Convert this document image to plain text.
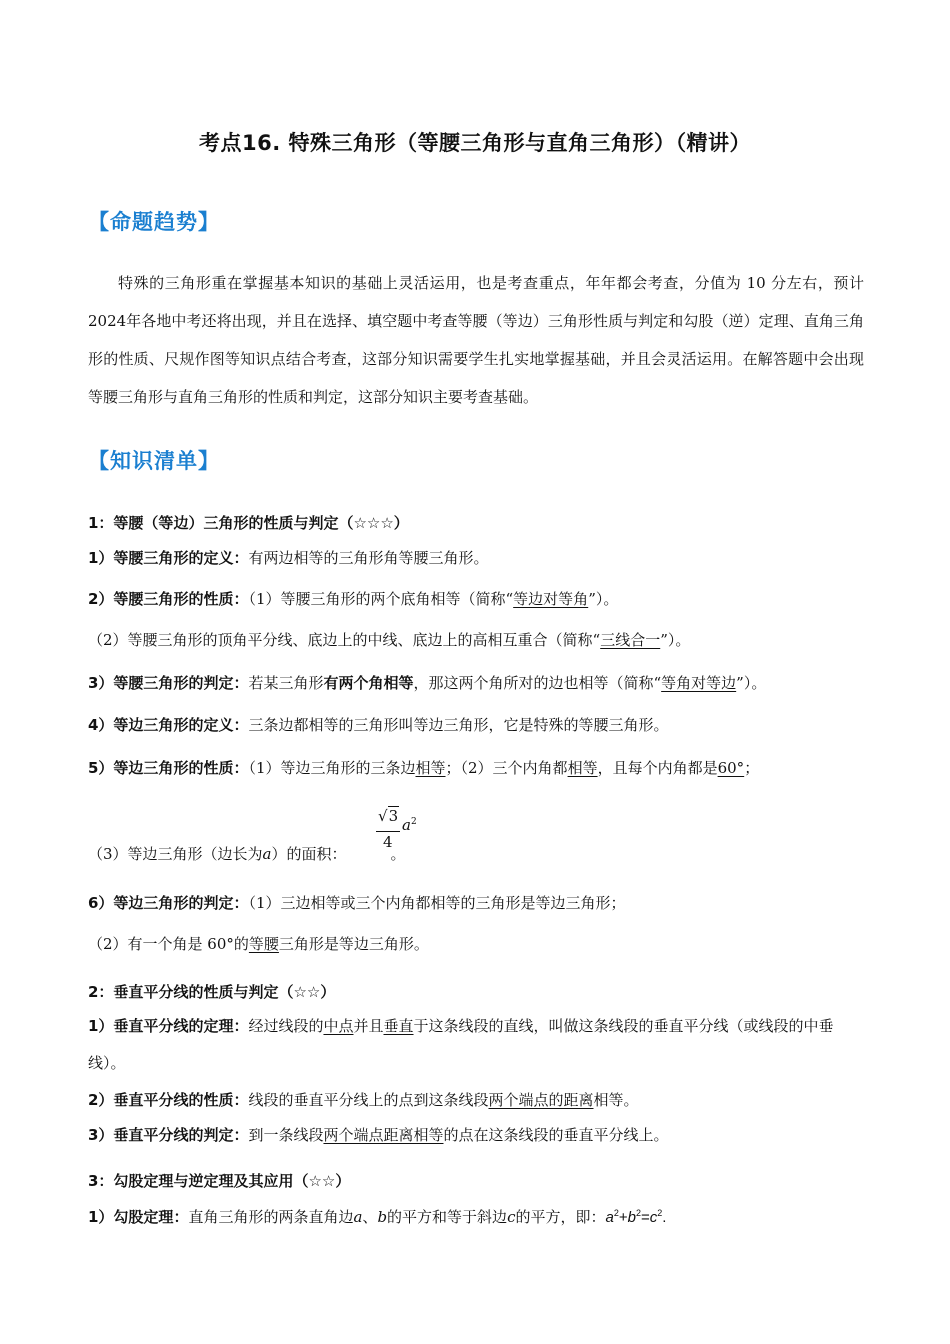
考点16. 特殊三角形（等腰三角形与直角三角形）（精讲）
【命题趋势】
特殊的三角形重在掌握基本知识的基础上灵活运用，也是考查重点，年年都会考查，分值为 10 分左右，预计2024年各地中考还将出现，并且在选择、填空题中考查等腰（等边）三角形性质与判定和勾股（逆）定理、直角三角形的性质、尺规作图等知识点结合考查，这部分知识需要学生扎实地掌握基础，并且会灵活运用。在解答题中会出现等腰三角形与直角三角形的性质和判定，这部分知识主要考查基础。
【知识清单】
1：等腰（等边）三角形的性质与判定（☆☆☆）
1）等腰三角形的定义：有两边相等的三角形角等腰三角形。
2）等腰三角形的性质：（1）等腰三角形的两个底角相等（简称“等边对等角”）。
（2）等腰三角形的顶角平分线、底边上的中线、底边上的高相互重合（简称“三线合一”）。
3）等腰三角形的判定：若某三角形有两个角相等，那这两个角所对的边也相等（简称“等角对等边”）。
4）等边三角形的定义：三条边都相等的三角形叫等边三角形，它是特殊的等腰三角形。
5）等边三角形的性质：（1）等边三角形的三条边相等；（2）三个内角都相等，且每个内角都是60°；
（3）等边三角形（边长为a）的面积：	。
√3
4
$a^2$
6）等边三角形的判定：（1）三边相等或三个内角都相等的三角形是等边三角形；
（2）有一个角是 60°的等腰三角形是等边三角形。
2：垂直平分线的性质与判定（☆☆）
1）垂直平分线的定理：经过线段的中点并且垂直于这条线段的直线，叫做这条线段的垂直平分线（或线段的中垂线）。
2）垂直平分线的性质：线段的垂直平分线上的点到这条线段两个端点的距离相等。
3）垂直平分线的判定：到一条线段两个端点距离相等的点在这条线段的垂直平分线上。
3：勾股定理与逆定理及其应用（☆☆）
1）勾股定理：直角三角形的两条直角边a、b的平方和等于斜边c的平方，即：$a^2+b^2=c^2$.
